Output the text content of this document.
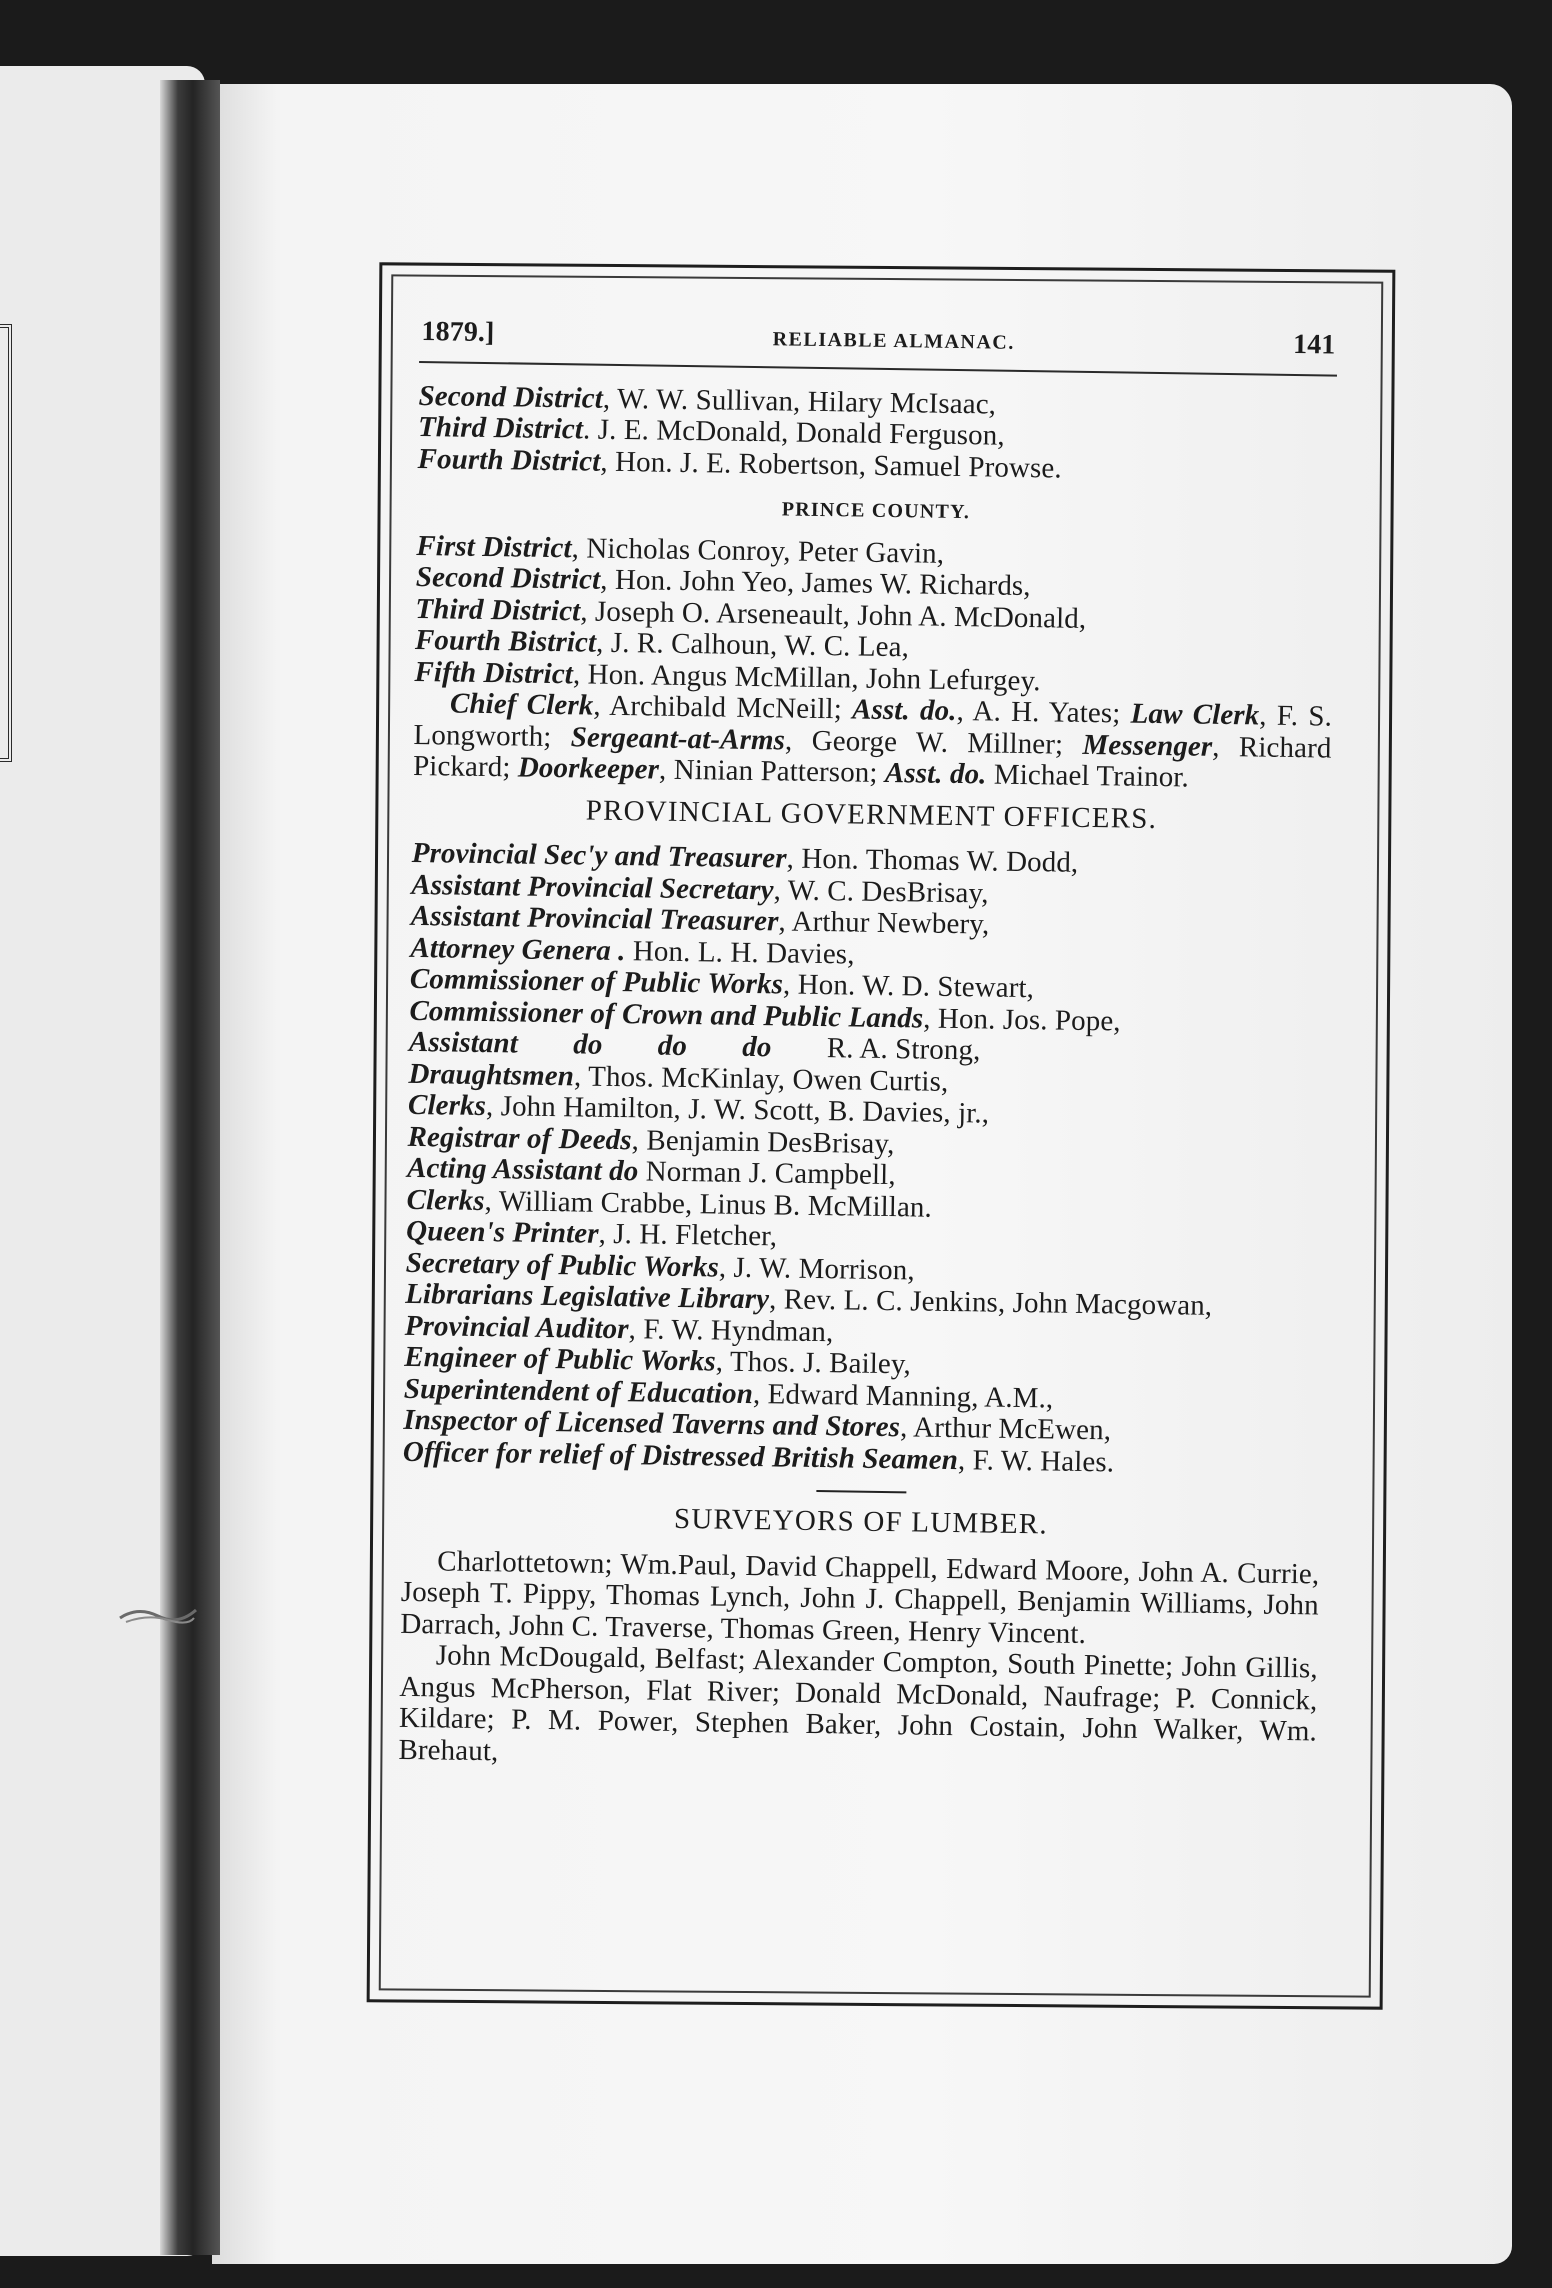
1879.]	RELIABLE ALMANAC.	141

Second District, W. W. Sullivan, Hilary McIsaac,

Third District. J. E. McDonald, Donald Ferguson,

Fourth District, Hon. J. E. Robertson, Samuel Prowse.

PRINCE COUNTY.

First District, Nicholas Conroy, Peter Gavin,

Second District, Hon. John Yeo, James W. Richards,

Third District, Joseph O. Arseneault, John A. McDonald,

Fourth Bistrict, J. R. Calhoun, W. C. Lea,

Fifth District, Hon. Angus McMillan, John Lefurgey.

Chief Clerk, Archibald McNeill; Asst. do., A. H. Yates; Law Clerk, F. S. Longworth; Sergeant-at-Arms, George W. Millner; Messenger, Richard Pickard; Doorkeeper, Ninian Patterson; Asst. do. Michael Trainor.

PROVINCIAL GOVERNMENT OFFICERS.

Provincial Sec'y and Treasurer, Hon. Thomas W. Dodd,

Assistant Provincial Secretary, W. C. DesBrisay,

Assistant Provincial Treasurer, Arthur Newbery,

Attorney Genera . Hon. L. H. Davies,

Commissioner of Public Works, Hon. W. D. Stewart,

Commissioner of Crown and Public Lands, Hon. Jos. Pope,

Assistant do do do R. A. Strong,

Draughtsmen, Thos. McKinlay, Owen Curtis,

Clerks, John Hamilton, J. W. Scott, B. Davies, jr.,

Registrar of Deeds, Benjamin DesBrisay,

Acting Assistant do Norman J. Campbell,

Clerks, William Crabbe, Linus B. McMillan.

Queen's Printer, J. H. Fletcher,

Secretary of Public Works, J. W. Morrison,

Librarians Legislative Library, Rev. L. C. Jenkins, John Macgowan,

Provincial Auditor, F. W. Hyndman,

Engineer of Public Works, Thos. J. Bailey,

Superintendent of Education, Edward Manning, A.M.,

Inspector of Licensed Taverns and Stores, Arthur McEwen,

Officer for relief of Distressed British Seamen, F. W. Hales.

SURVEYORS OF LUMBER.

Charlottetown; Wm.Paul, David Chappell, Edward Moore, John A. Currie, Joseph T. Pippy, Thomas Lynch, John J. Chappell, Benjamin Williams, John Darrach, John C. Traverse, Thomas Green, Henry Vincent.

John McDougald, Belfast; Alexander Compton, South Pinette; John Gillis, Angus McPherson, Flat River; Donald McDonald, Naufrage; P. Connick, Kildare; P. M. Power, Stephen Baker, John Costain, John Walker, Wm. Brehaut,
